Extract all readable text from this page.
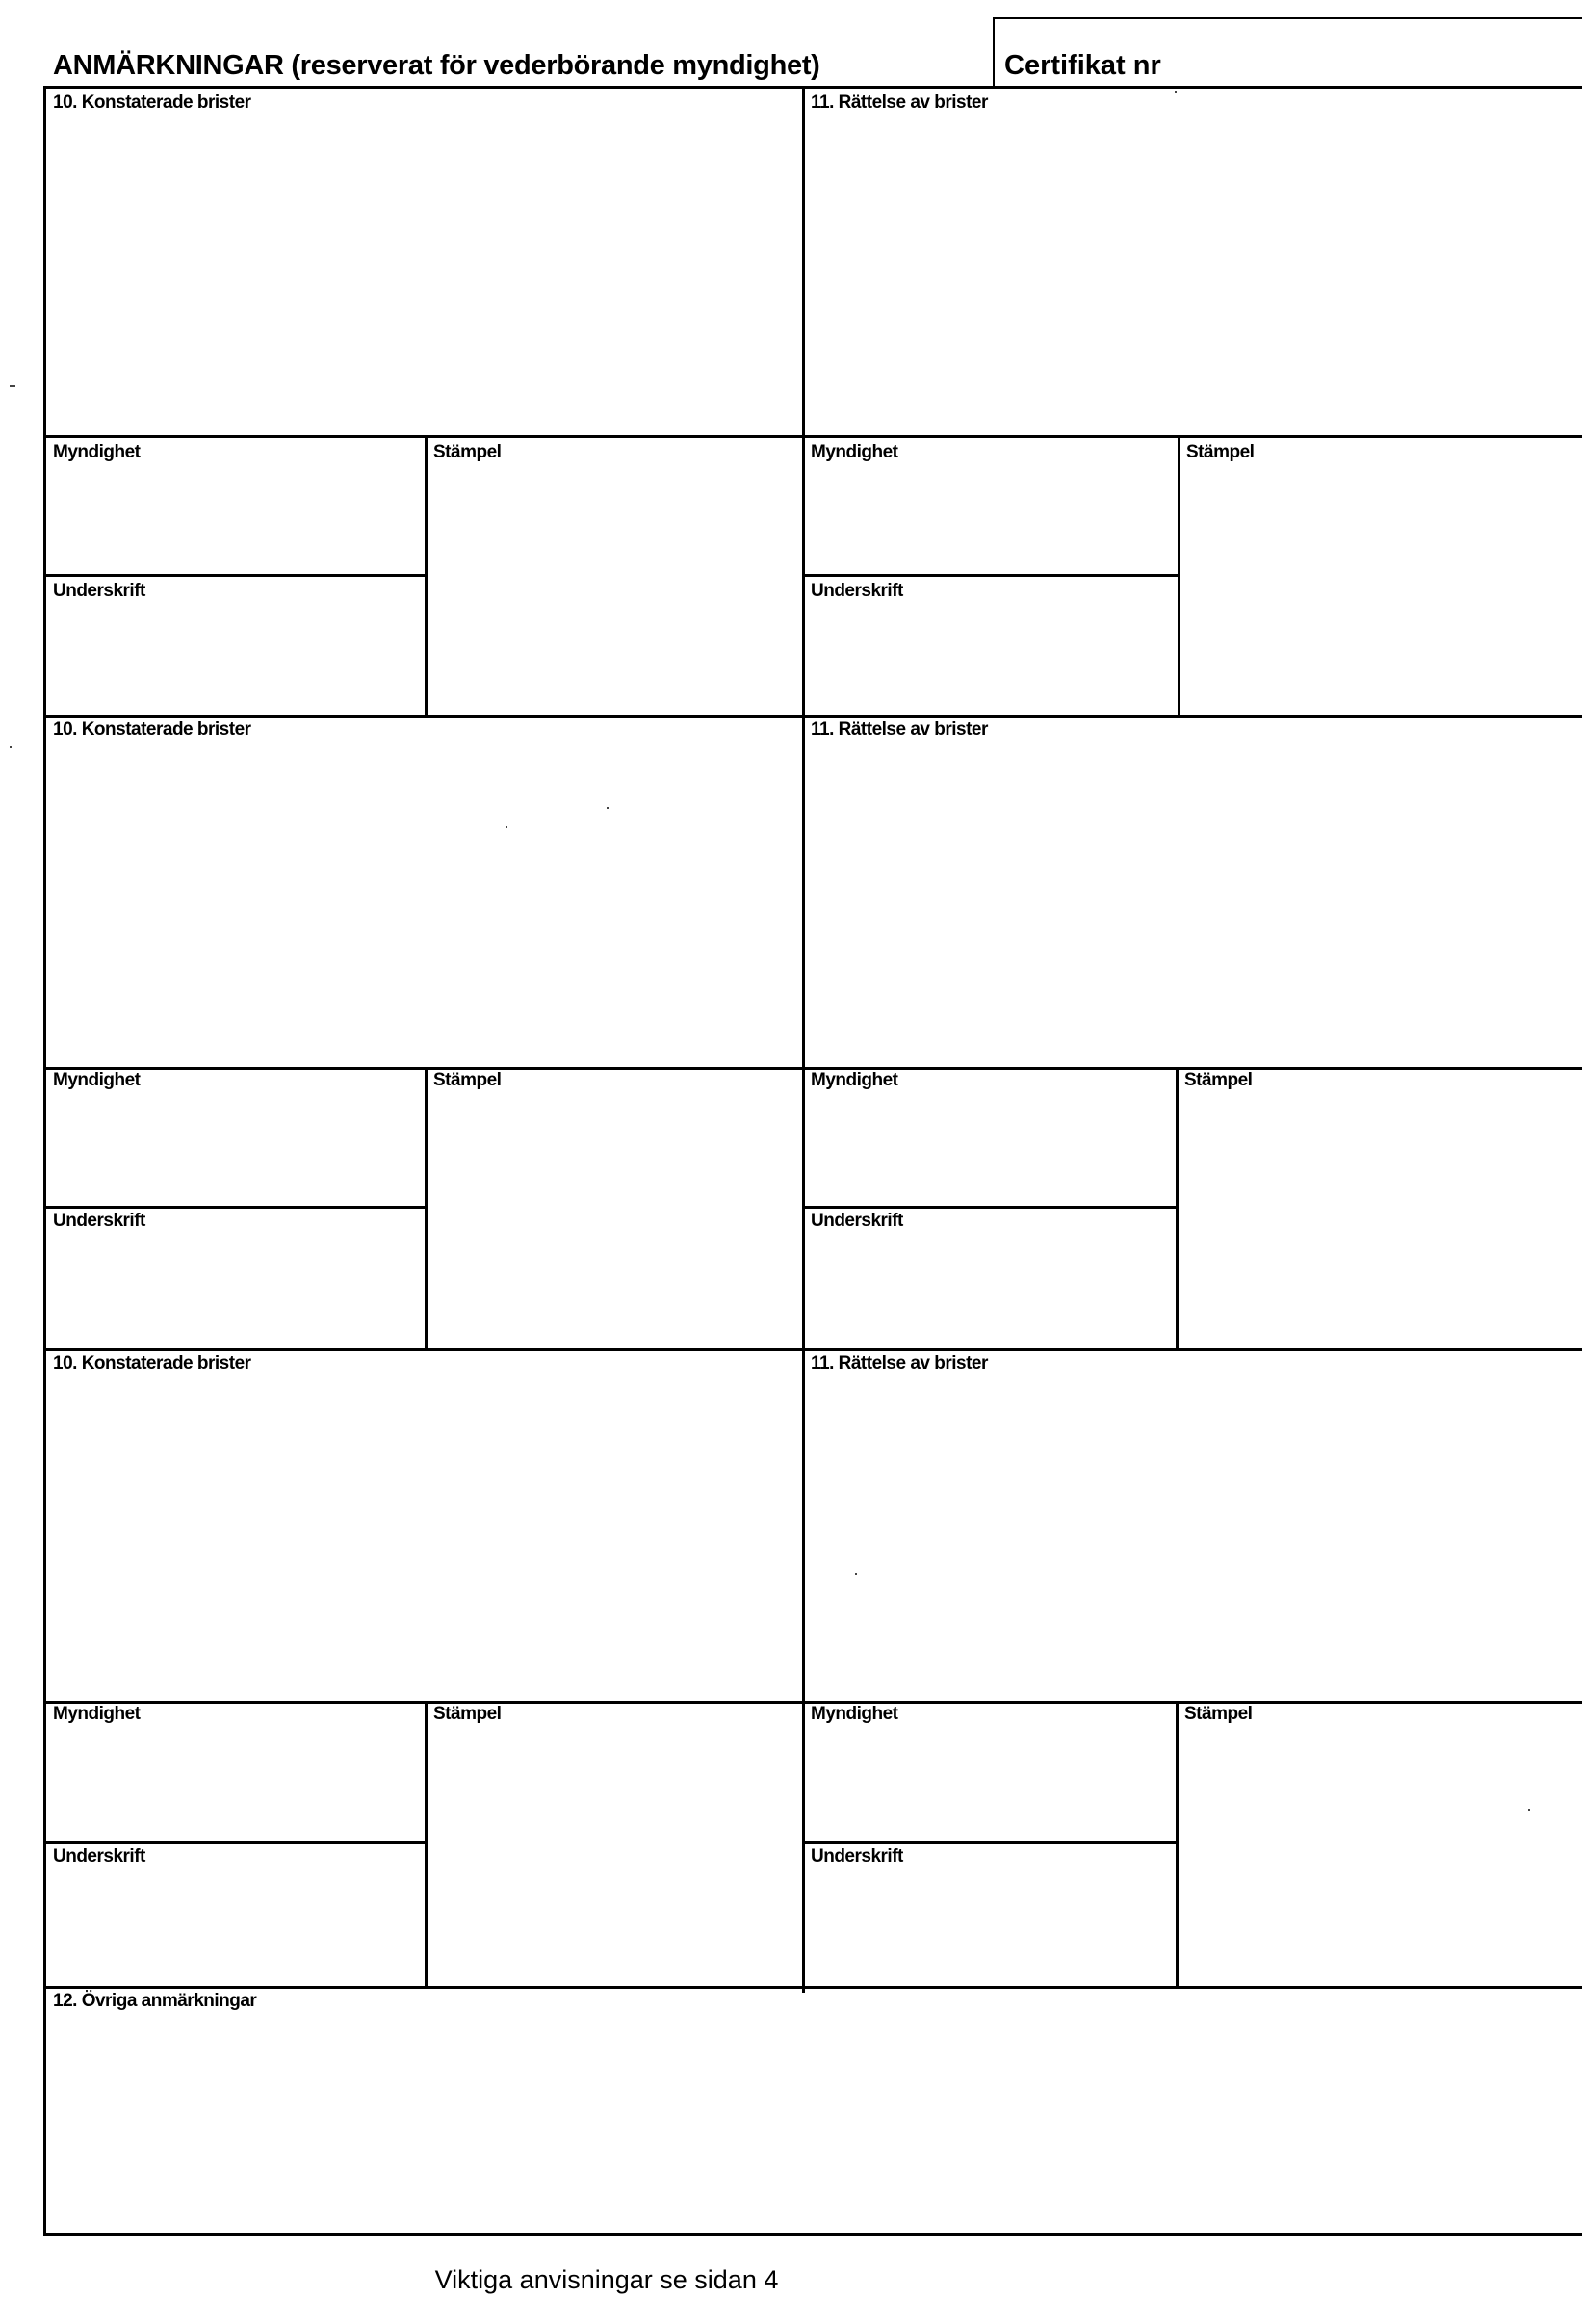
ANMÄRKNINGAR (reserverat för vederbörande myndighet)	Certifikat nr
10. Konstaterade brister	11. Rättelse av brister
Myndighet	Stämpel	Myndighet	Stämpel
Underskrift	Underskrift
10. Konstaterade brister	11. Rättelse av brister
Myndighet	Stämpel	Myndighet	Stämpel
Underskrift	Underskrift
10. Konstaterade brister	11. Rättelse av brister
Myndighet	Stämpel	Myndighet	Stämpel
Underskrift	Underskrift
12. Övriga anmärkningar
Viktiga anvisningar se sidan 4
